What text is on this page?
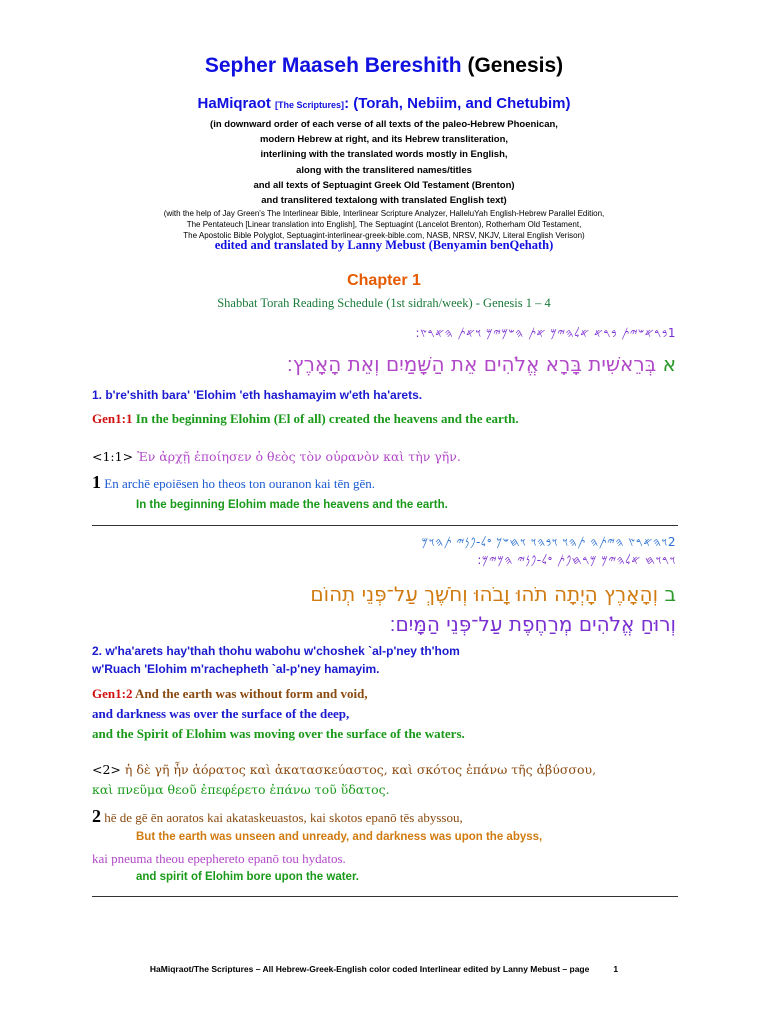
Sepher Maaseh Bereshith (Genesis)
HaMiqraot [The Scriptures]: (Torah, Nebiim, and Chetubim)
(in downward order of each verse of all texts of the paleo-Hebrew Phoenican,
modern Hebrew at right, and its Hebrew transliteration,
interlining with the translated words mostly in English,
along with the translitered names/titles
and all texts of Septuagint Greek Old Testament (Brenton)
and translitered textalong with translated English text)
(with the help of Jay Green's The Interlinear Bible, Interlinear Scripture Analyzer, HalleluYah English-Hebrew Parallel Edition,
The Pentateuch [Linear translation into English], The Septuagint (Lancelot Brenton), Rotherham Old Testament,
The Apostolic Bible Polyglot, Septuagint-interlinear-greek-bible.com, NASB, NRSV, NKJV, Literal English Verison)
edited and translated by Lanny Mebust (Benyamin benQehath)
Chapter 1
Shabbat Torah Reading Schedule (1st sidrah/week) - Genesis 1 – 4
1𐤁𐤓𐤀𐤔𐤉𐤕 𐤁𐤓𐤀 𐤀𐤋𐤄𐤉𐤌 𐤀𐤕 𐤄𐤔𐤌𐤉𐤌 𐤅𐤀𐤕 𐤄𐤀𐤓𐤑:
א בְּרֵאשִׁית בָּרָא אֱלֹהִים אֵת הַשָּׁמַיִם וְאֵת הָאָרֶץ׃
1. b're'shith bara' 'Elohim 'eth hashamayim w'eth ha'arets.
Gen1:1 In the beginning Elohim (El of all) created the heavens and the earth.
<1:1> Ἐν ἀρχῇ ἐποίησεν ὁ θεὸς τὸν οὐρανὸν καὶ τὴν γῆν.
1 En archē epoiēsen ho theos ton ouranon kai tēn gēn.
In the beginning Elohim made the heavens and the earth.
2𐤅𐤄𐤀𐤓𐤑 𐤄𐤉𐤕𐤄 𐤕𐤄𐤅 𐤅𐤁𐤄𐤅 𐤅𐤇𐤔𐤊 𐤏𐤋-𐤐𐤍𐤉 𐤕𐤄𐤅𐤌
𐤅𐤓𐤅𐤇 𐤀𐤋𐤄𐤉𐤌 𐤌𐤓𐤇𐤐𐤕 𐤏𐤋-𐤐𐤍𐤉 𐤄𐤌𐤉𐤌:
ב וְהָאָרֶץ הָיְתָה תֹהוּ וָבֹהוּ וְחֹשֶׁךְ עַל־פְּנֵי תְהוֹם
וְרוּחַ אֱלֹהִים מְרַחֶפֶת עַל־פְּנֵי הַמָּיִם׃
2. w'ha'arets hay'thah thohu wabohu w'choshek `al-p'ney th'hom
w'Ruach 'Elohim m'rachepheth `al-p'ney hamayim.
Gen1:2 And the earth was without form and void,
and darkness was over the surface of the deep,
and the Spirit of Elohim was moving over the surface of the waters.
<2> ἡ δὲ γῆ ἦν ἀόρατος καὶ ἀκατασκεύαστος, καὶ σκότος ἐπάνω τῆς ἀβύσσου,
καὶ πνεῦμα θεοῦ ἐπεφέρετο ἐπάνω τοῦ ὕδατος.
2 hē de gē ēn aoratos kai akataskeuastos, kai skotos epanō tēs abyssou,
But the earth was unseen and unready, and darkness was upon the abyss,
kai pneuma theou epephereto epanō tou hydatos.
and spirit of Elohim bore upon the water.
HaMiqraot/The Scriptures – All Hebrew-Greek-English color coded Interlinear edited by Lanny Mebust – page	1
